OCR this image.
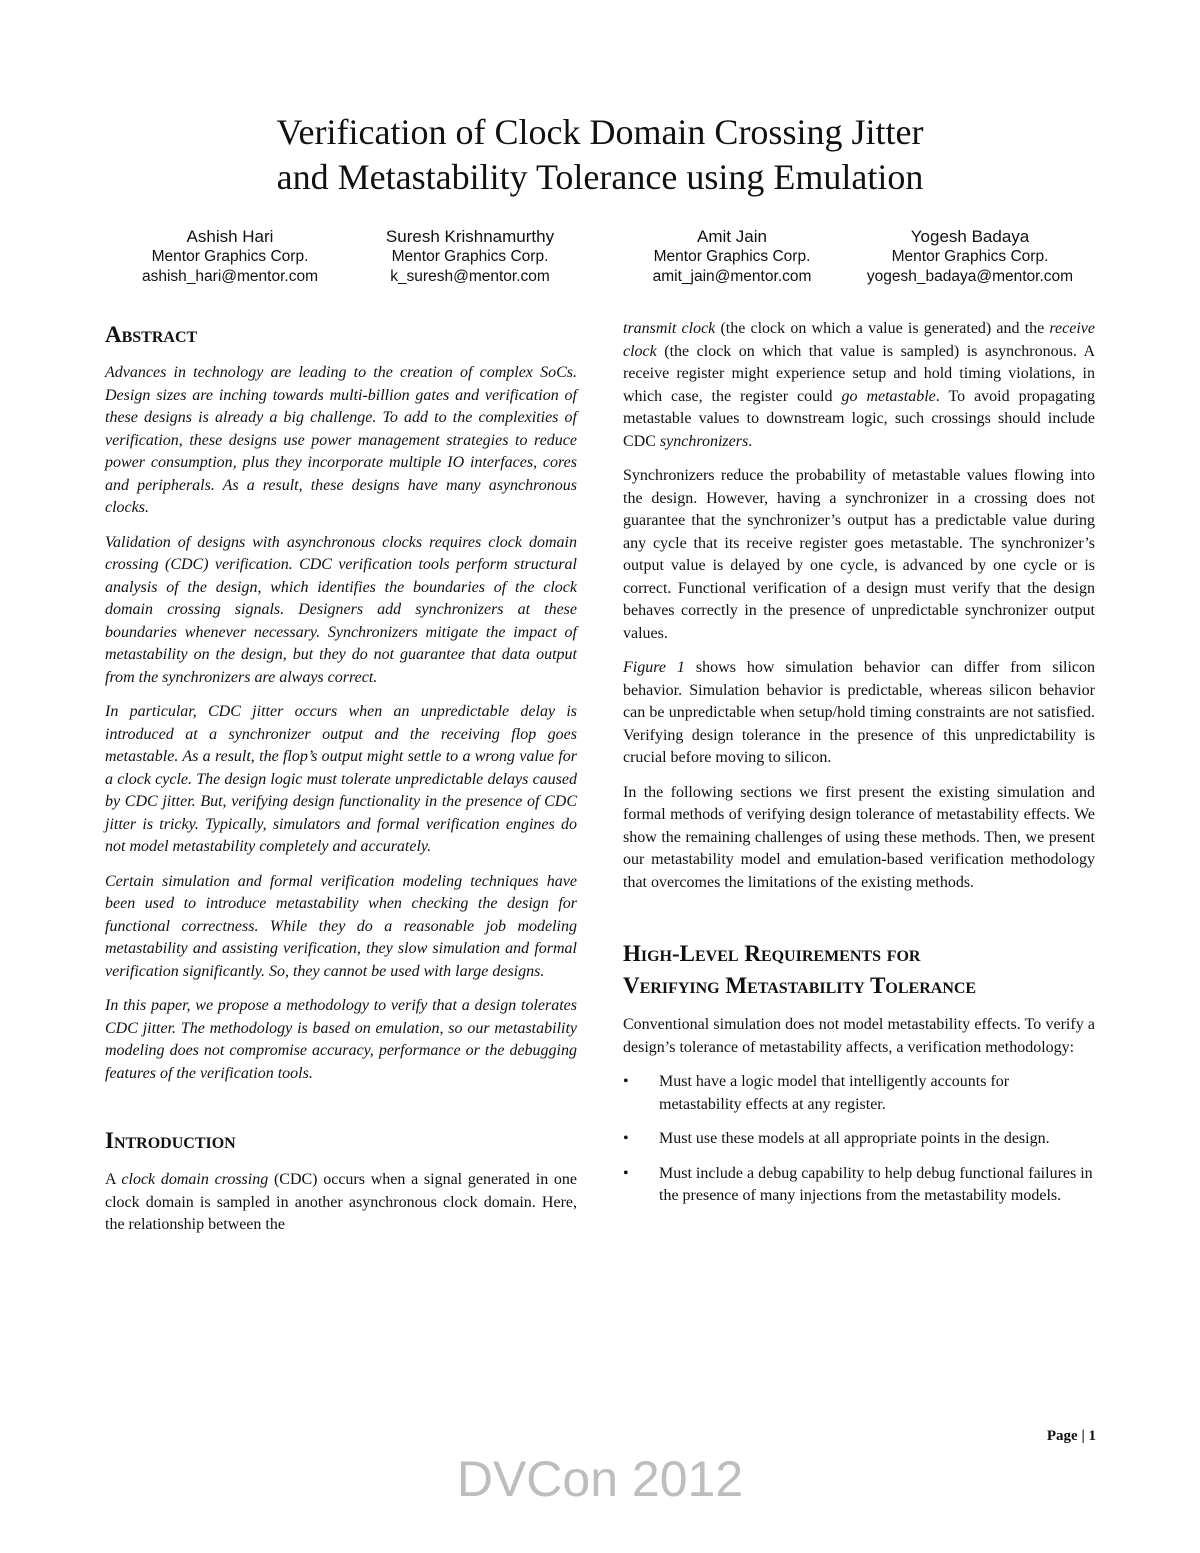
Verification of Clock Domain Crossing Jitter
and Metastability Tolerance using Emulation
Ashish Hari
Mentor Graphics Corp.
ashish_hari@mentor.com
Suresh Krishnamurthy
Mentor Graphics Corp.
k_suresh@mentor.com
Amit Jain
Mentor Graphics Corp.
amit_jain@mentor.com
Yogesh Badaya
Mentor Graphics Corp.
yogesh_badaya@mentor.com
Abstract

Advances in technology are leading to the creation of complex SoCs. Design sizes are inching towards multi-billion gates and verification of these designs is already a big challenge. To add to the complexities of verification, these designs use power management strategies to reduce power consumption, plus they incorporate multiple IO interfaces, cores and peripherals. As a result, these designs have many asynchronous clocks.

Validation of designs with asynchronous clocks requires clock domain crossing (CDC) verification. CDC verification tools perform structural analysis of the design, which identifies the boundaries of the clock domain crossing signals. Designers add synchronizers at these boundaries whenever necessary. Synchronizers mitigate the impact of metastability on the design, but they do not guarantee that data output from the synchronizers are always correct.

In particular, CDC jitter occurs when an unpredictable delay is introduced at a synchronizer output and the receiving flop goes metastable. As a result, the flop’s output might settle to a wrong value for a clock cycle. The design logic must tolerate unpredictable delays caused by CDC jitter. But, verifying design functionality in the presence of CDC jitter is tricky. Typically, simulators and formal verification engines do not model metastability completely and accurately.

Certain simulation and formal verification modeling techniques have been used to introduce metastability when checking the design for functional correctness. While they do a reasonable job modeling metastability and assisting verification, they slow simulation and formal verification significantly. So, they cannot be used with large designs.

In this paper, we propose a methodology to verify that a design tolerates CDC jitter. The methodology is based on emulation, so our metastability modeling does not compromise accuracy, performance or the debugging features of the verification tools.

Introduction

A clock domain crossing (CDC) occurs when a signal generated in one clock domain is sampled in another asynchronous clock domain. Here, the relationship between the

transmit clock (the clock on which a value is generated) and the receive clock (the clock on which that value is sampled) is asynchronous. A receive register might experience setup and hold timing violations, in which case, the register could go metastable. To avoid propagating metastable values to downstream logic, such crossings should include CDC synchronizers.

Synchronizers reduce the probability of metastable values flowing into the design. However, having a synchronizer in a crossing does not guarantee that the synchronizer’s output has a predictable value during any cycle that its receive register goes metastable. The synchronizer’s output value is delayed by one cycle, is advanced by one cycle or is correct. Functional verification of a design must verify that the design behaves correctly in the presence of unpredictable synchronizer output values.

Figure 1 shows how simulation behavior can differ from silicon behavior. Simulation behavior is predictable, whereas silicon behavior can be unpredictable when setup/hold timing constraints are not satisfied. Verifying design tolerance in the presence of this unpredictability is crucial before moving to silicon.

In the following sections we first present the existing simulation and formal methods of verifying design tolerance of metastability effects. We show the remaining challenges of using these methods. Then, we present our metastability model and emulation-based verification methodology that overcomes the limitations of the existing methods.

High-Level Requirements for
Verifying Metastability Tolerance

Conventional simulation does not model metastability effects. To verify a design’s tolerance of metastability affects, a verification methodology:

• Must have a logic model that intelligently accounts for metastability effects at any register.
• Must use these models at all appropriate points in the design.
• Must include a debug capability to help debug functional failures in the presence of many injections from the metastability models.
Page | 1
DVCon 2012
